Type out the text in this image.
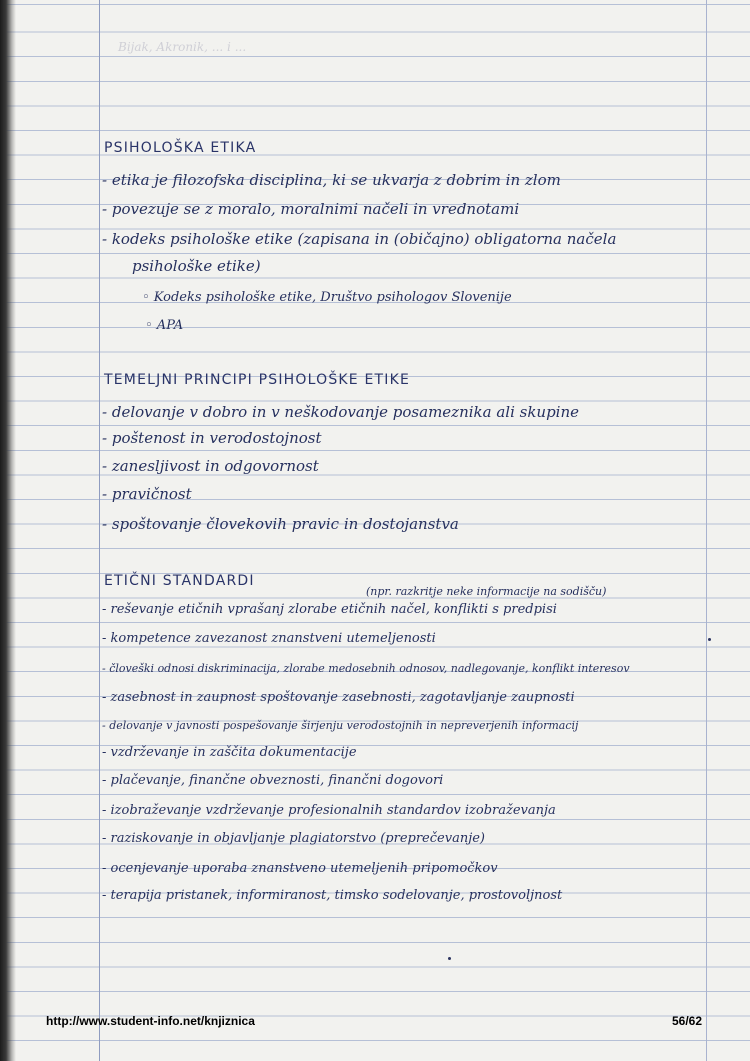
Bijak, Akronik, ... i ...
PSIHOLOŠKA ETIKA
- etika je filozofska disciplina, ki se ukvarja z dobrim in zlom
- povezuje se z moralo, moralnimi načeli in vrednotami
- kodeks psihološke etike (zapisana in (običajno) obligatorna načela
psihološke etike)
◦ Kodeks psihološke etike, Društvo psihologov Slovenije
◦ APA
TEMELJNI PRINCIPI PSIHOLOŠKE ETIKE
- delovanje v dobro in v neškodovanje posameznika ali skupine
- poštenost in verodostojnost
- zanesljivost in odgovornost
- pravičnost
- spoštovanje človekovih pravic in dostojanstva
ETIČNI STANDARDI
(npr. razkritje neke informacije na sodišču)
- reševanje etičnih vprašanj zlorabe etičnih načel, konflikti s predpisi
- kompetence zavezanost znanstveni utemeljenosti
- človeški odnosi diskriminacija, zlorabe medosebnih odnosov, nadlegovanje, konflikt interesov
- zasebnost in zaupnost spoštovanje zasebnosti, zagotavljanje zaupnosti
- delovanje v javnosti pospešovanje širjenju verodostojnih in nepreverjenih informacij
- vzdrževanje in zaščita dokumentacije
- plačevanje, finančne obveznosti, finančni dogovori
- izobraževanje vzdrževanje profesionalnih standardov izobraževanja
- raziskovanje in objavljanje plagiatorstvo (preprečevanje)
- ocenjevanje uporaba znanstveno utemeljenih pripomočkov
- terapija pristanek, informiranost, timsko sodelovanje, prostovoljnost
http://www.student-info.net/knjiznica	56/62
